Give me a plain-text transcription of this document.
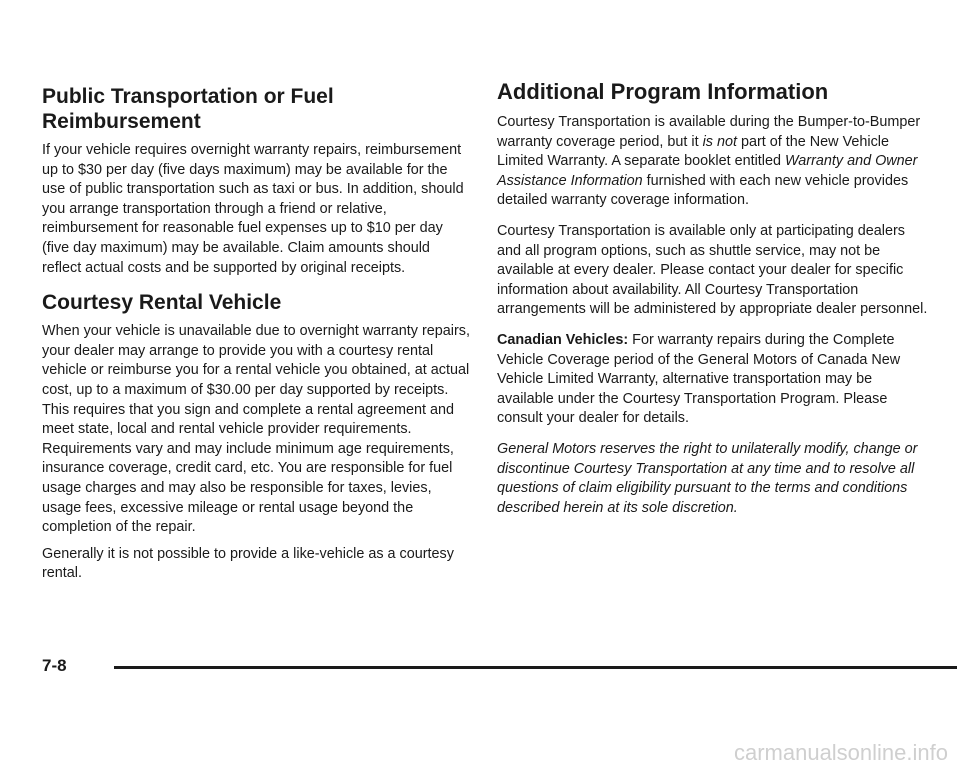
Public Transportation or Fuel Reimbursement

If your vehicle requires overnight warranty repairs, reimbursement up to $30 per day (five days maximum) may be available for the use of public transportation such as taxi or bus. In addition, should you arrange transportation through a friend or relative, reimbursement for reasonable fuel expenses up to $10 per day (five day maximum) may be available. Claim amounts should reflect actual costs and be supported by original receipts.

Courtesy Rental Vehicle

When your vehicle is unavailable due to overnight warranty repairs, your dealer may arrange to provide you with a courtesy rental vehicle or reimburse you for a rental vehicle you obtained, at actual cost, up to a maximum of $30.00 per day supported by receipts. This requires that you sign and complete a rental agreement and meet state, local and rental vehicle provider requirements. Requirements vary and may include minimum age requirements, insurance coverage, credit card, etc. You are responsible for fuel usage charges and may also be responsible for taxes, levies, usage fees, excessive mileage or rental usage beyond the completion of the repair.

Generally it is not possible to provide a like-vehicle as a courtesy rental.

Additional Program Information

Courtesy Transportation is available during the Bumper-to-Bumper warranty coverage period, but it is not part of the New Vehicle Limited Warranty. A separate booklet entitled Warranty and Owner Assistance Information furnished with each new vehicle provides detailed warranty coverage information.

Courtesy Transportation is available only at participating dealers and all program options, such as shuttle service, may not be available at every dealer. Please contact your dealer for specific information about availability. All Courtesy Transportation arrangements will be administered by appropriate dealer personnel.

Canadian Vehicles: For warranty repairs during the Complete Vehicle Coverage period of the General Motors of Canada New Vehicle Limited Warranty, alternative transportation may be available under the Courtesy Transportation Program. Please consult your dealer for details.

General Motors reserves the right to unilaterally modify, change or discontinue Courtesy Transportation at any time and to resolve all questions of claim eligibility pursuant to the terms and conditions described herein at its sole discretion.

7-8
carmanualsonline.info
